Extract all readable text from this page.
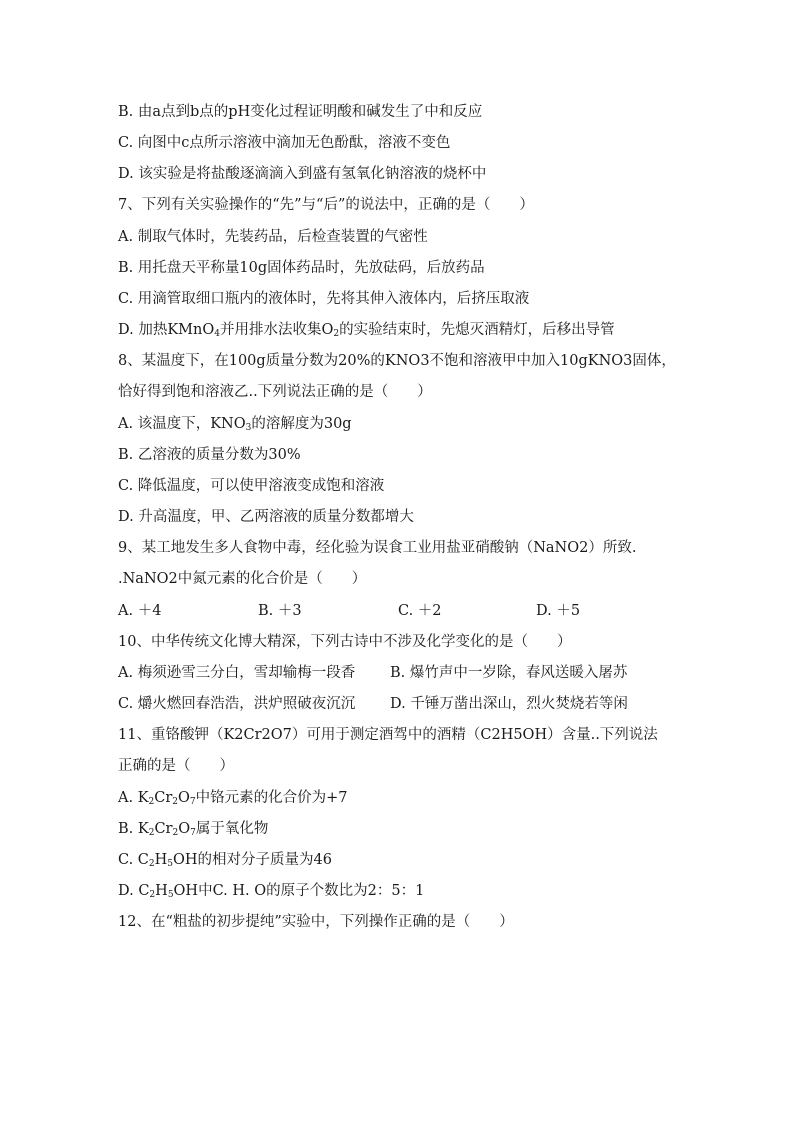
B. 由a点到b点的pH变化过程证明酸和碱发生了中和反应
C. 向图中c点所示溶液中滴加无色酚酞，溶液不变色
D. 该实验是将盐酸逐滴滴入到盛有氢氧化钠溶液的烧杯中
7、下列有关实验操作的“先”与“后”的说法中，正确的是（　　）
A. 制取气体时，先装药品，后检查装置的气密性
B. 用托盘天平称量10g固体药品时，先放砝码，后放药品
C. 用滴管取细口瓶内的液体时，先将其伸入液体内，后挤压取液
D. 加热KMnO$_4$并用排水法收集$O_2$的实验结束时，先熄灭酒精灯，后移出导管
8、某温度下，在100g质量分数为20%的KNO3不饱和溶液甲中加入10gKNO3固体，
恰好得到饱和溶液乙..下列说法正确的是（　　）
A. 该温度下，$KNO_3$的溶解度为30g
B. 乙溶液的质量分数为30%
C. 降低温度，可以使甲溶液变成饱和溶液
D. 升高温度，甲、乙两溶液的质量分数都增大
9、某工地发生多人食物中毒，经化验为误食工业用盐亚硝酸钠（NaNO2）所致.
.NaNO2中氮元素的化合价是（　　）
A. ＋4	B. ＋3	C. ＋2	D. ＋5
10、中华传统文化博大精深，下列古诗中不涉及化学变化的是（　　）
A. 梅须逊雪三分白，雪却输梅一段香 B. 爆竹声中一岁除，春风送暖入屠苏
C. 爝火燃回春浩浩，洪炉照破夜沉沉 D. 千锤万凿出深山，烈火焚烧若等闲
11、重铬酸钾（K2Cr2O7）可用于测定酒驾中的酒精（C2H5OH）含量..下列说法
正确的是（　　）
A. $K_2Cr_2O_7$中铬元素的化合价为+7
B. $K_2Cr_2O_7$属于氧化物
C. $C_2H_5OH$的相对分子质量为46
D. $C_2H_5OH$中C. H. O的原子个数比为2：5：1
12、在“粗盐的初步提纯”实验中，下列操作正确的是（　　）
